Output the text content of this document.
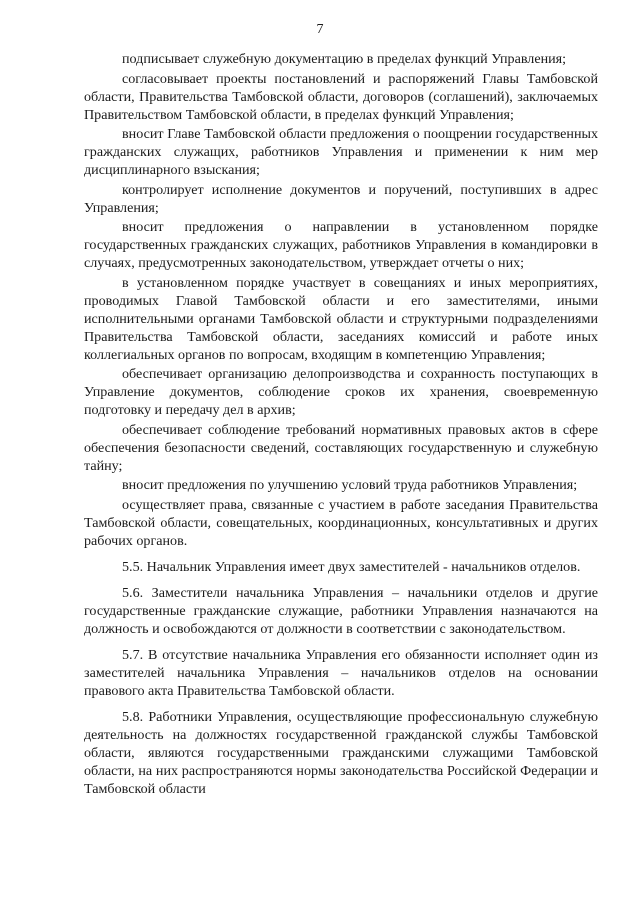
7

подписывает служебную документацию в пределах функций Управления;

согласовывает проекты постановлений и распоряжений Главы Тамбовской области, Правительства Тамбовской области, договоров (соглашений), заключаемых Правительством Тамбовской области, в пределах функций Управления;

вносит Главе Тамбовской области предложения о поощрении государственных гражданских служащих, работников Управления и применении к ним мер дисциплинарного взыскания;

контролирует исполнение документов и поручений, поступивших в адрес Управления;

вносит предложения о направлении в установленном порядке государственных гражданских служащих, работников Управления в командировки в случаях, предусмотренных законодательством, утверждает отчеты о них;

в установленном порядке участвует в совещаниях и иных мероприятиях, проводимых Главой Тамбовской области и его заместителями, иными исполнительными органами Тамбовской области и структурными подразделениями Правительства Тамбовской области, заседаниях комиссий и работе иных коллегиальных органов по вопросам, входящим в компетенцию Управления;

обеспечивает организацию делопроизводства и сохранность поступающих в Управление документов, соблюдение сроков их хранения, своевременную подготовку и передачу дел в архив;

обеспечивает соблюдение требований нормативных правовых актов в сфере обеспечения безопасности сведений, составляющих государственную и служебную тайну;

вносит предложения по улучшению условий труда работников Управления;

осуществляет права, связанные с участием в работе заседания Правительства Тамбовской области, совещательных, координационных, консультативных и других рабочих органов.

5.5. Начальник Управления имеет двух заместителей - начальников отделов.

5.6. Заместители начальника Управления – начальники отделов и другие государственные гражданские служащие, работники Управления назначаются на должность и освобождаются от должности в соответствии с законодательством.

5.7. В отсутствие начальника Управления его обязанности исполняет один из заместителей начальника Управления – начальников отделов на основании правового акта Правительства Тамбовской области.

5.8. Работники Управления, осуществляющие профессиональную служебную деятельность на должностях государственной гражданской службы Тамбовской области, являются государственными гражданскими служащими Тамбовской области, на них распространяются нормы законодательства Российской Федерации и Тамбовской области
